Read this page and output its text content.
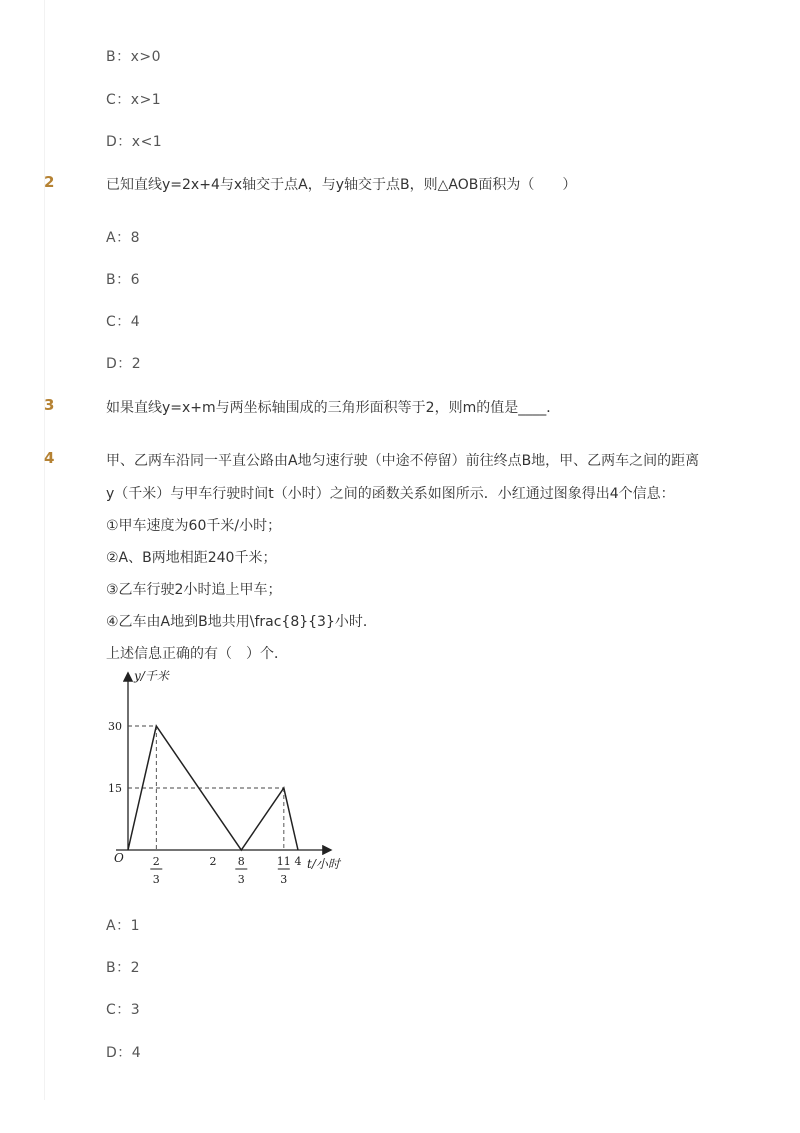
B：x>0
C：x>1
D：x<1
2	已知直线y=2x+4与x轴交于点A，与y轴交于点B，则△AOB面积为（　　）
A：8
B：6
C：4
D：2
3	如果直线y=x+m与两坐标轴围成的三角形面积等于2，则m的值是____．
4	甲、乙两车沿同一平直公路由A地匀速行驶（中途不停留）前往终点B地，甲、乙两车之间的距离
y（千米）与甲车行驶时间t（小时）之间的函数关系如图所示．小红通过图象得出4个信息：
①甲车速度为60千米/小时；
②A、B两地相距240千米；
③乙车行驶2小时追上甲车；
④乙车由A地到B地共用\frac{8}{3}小时．
上述信息正确的有（　）个．
y/千米
t/小时
O
30
15
2
3
2 8
3
11
3
4
A：1
B：2
C：3
D：4
